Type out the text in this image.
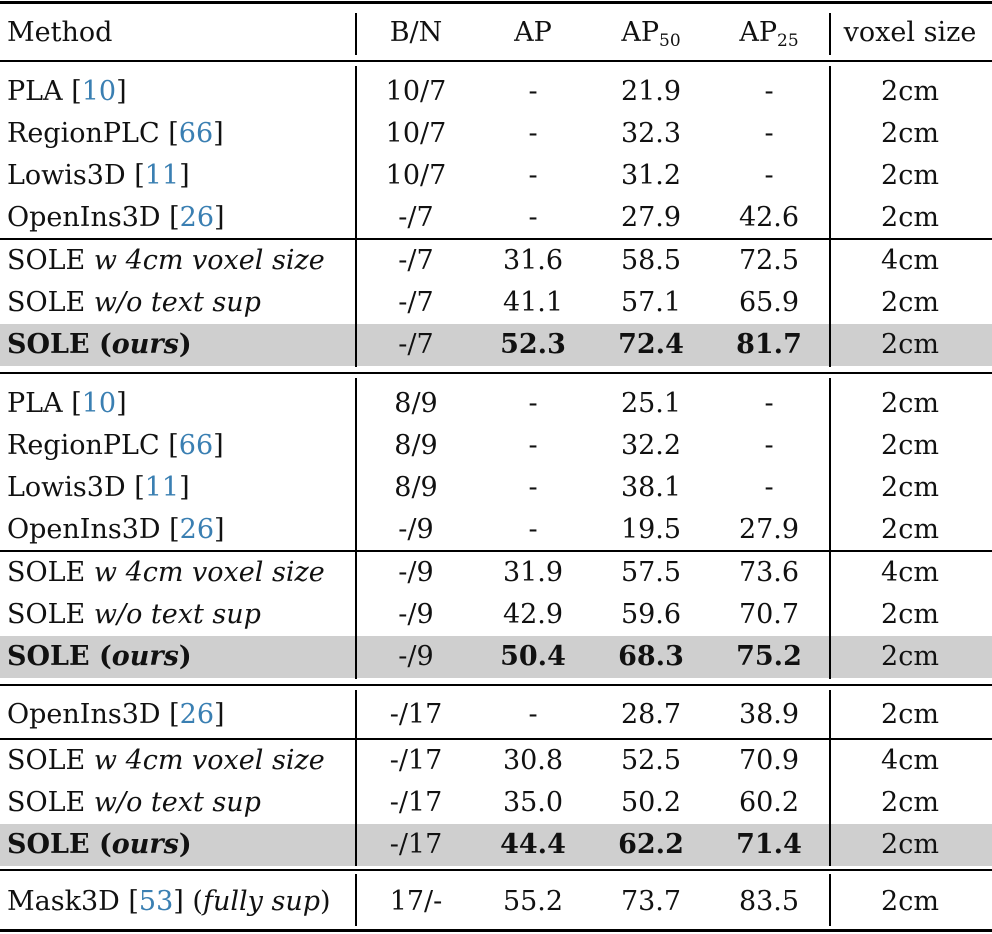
Method	B/N	AP	$AP_{50}$	$AP_{25}$	voxel size
PLA [10]	10/7	-	21.9	-	2cm
RegionPLC [66]	10/7	-	32.3	-	2cm
Lowis3D [11]	10/7	-	31.2	-	2cm
OpenIns3D [26]	-/7	-	27.9	42.6	2cm
SOLE w 4cm voxel size	-/7	31.6	58.5	72.5	4cm
SOLE w/o text sup	-/7	41.1	57.1	65.9	2cm
SOLE (ours)	-/7	52.3	72.4	81.7	2cm
PLA [10]	8/9	-	25.1	-	2cm
RegionPLC [66]	8/9	-	32.2	-	2cm
Lowis3D [11]	8/9	-	38.1	-	2cm
OpenIns3D [26]	-/9	-	19.5	27.9	2cm
SOLE w 4cm voxel size	-/9	31.9	57.5	73.6	4cm
SOLE w/o text sup	-/9	42.9	59.6	70.7	2cm
SOLE (ours)	-/9	50.4	68.3	75.2	2cm
OpenIns3D [26]	-/17	-	28.7	38.9	2cm
SOLE w 4cm voxel size	-/17	30.8	52.5	70.9	4cm
SOLE w/o text sup	-/17	35.0	50.2	60.2	2cm
SOLE (ours)	-/17	44.4	62.2	71.4	2cm
Mask3D [53] (fully sup)	17/-	55.2	73.7	83.5	2cm
